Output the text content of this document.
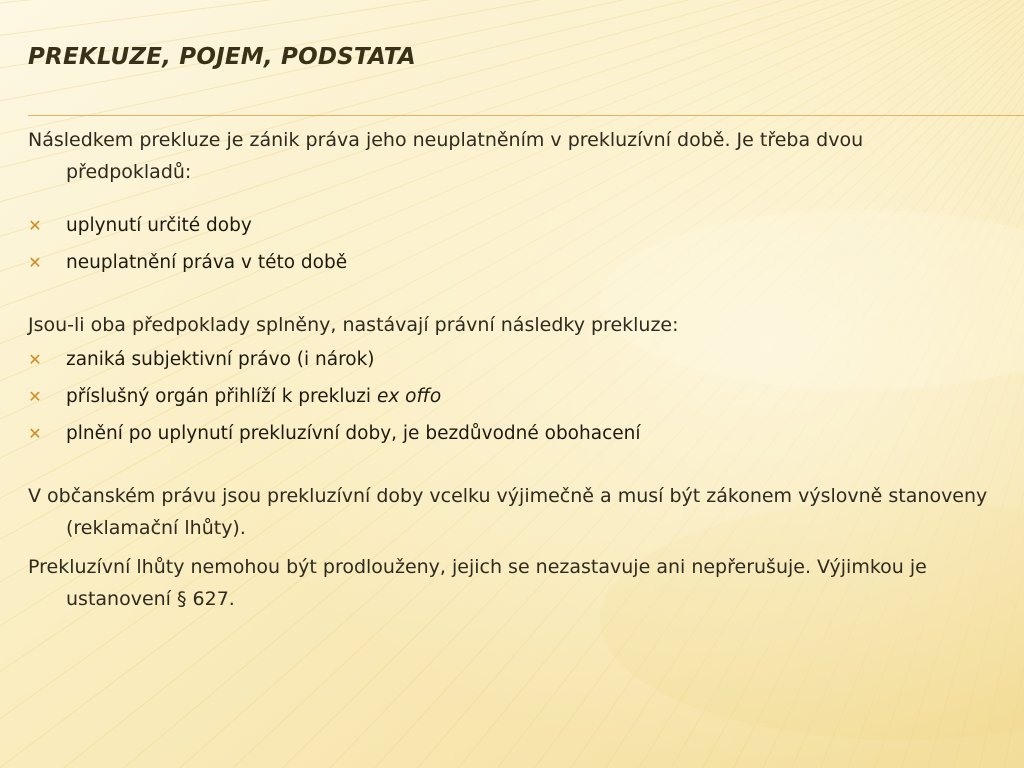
PREKLUZE, POJEM, PODSTATA

Následkem prekluze je zánik práva jeho neuplatněním v prekluzívní době. Je třeba dvou předpokladů:

✕ uplynutí určité doby
✕ neuplatnění práva v této době

Jsou-li oba předpoklady splněny, nastávají právní následky prekluze:

✕ zaniká subjektivní právo (i nárok)
✕ příslušný orgán přihlíží k prekluzi ex offo
✕ plnění po uplynutí prekluzívní doby, je bezdůvodné obohacení

V občanském právu jsou prekluzívní doby vcelku výjimečně a musí být zákonem výslovně stanoveny (reklamační lhůty).

Prekluzívní lhůty nemohou být prodlouženy, jejich se nezastavuje ani nepřerušuje. Výjimkou je ustanovení § 627.
